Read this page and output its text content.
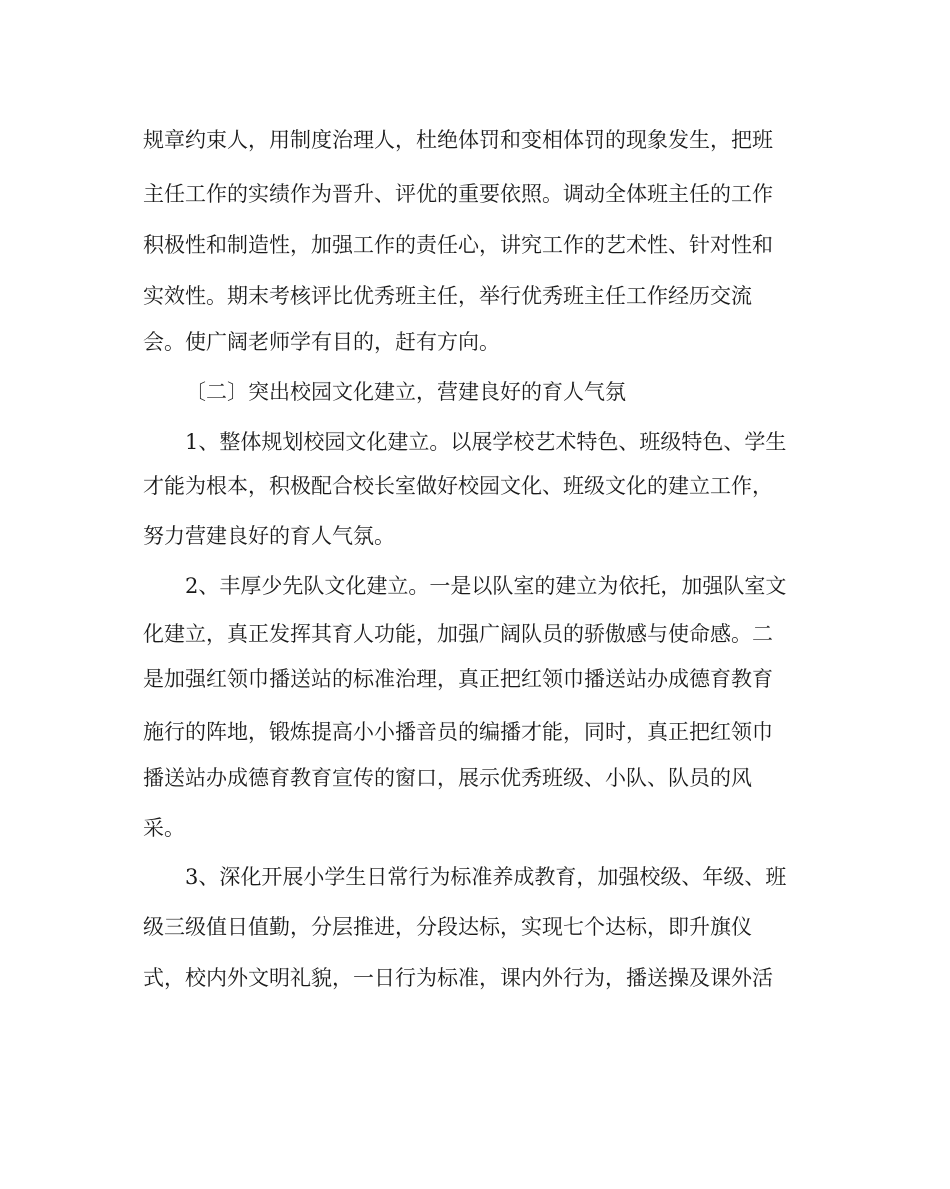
规章约束人，用制度治理人，杜绝体罚和变相体罚的现象发生，把班

主任工作的实绩作为晋升、评优的重要依照。调动全体班主任的工作

积极性和制造性，加强工作的责任心，讲究工作的艺术性、针对性和

实效性。期末考核评比优秀班主任，举行优秀班主任工作经历交流

会。使广阔老师学有目的，赶有方向。

〔二〕突出校园文化建立，营建良好的育人气氛

1、整体规划校园文化建立。以展学校艺术特色、班级特色、学生

才能为根本，积极配合校长室做好校园文化、班级文化的建立工作，

努力营建良好的育人气氛。

2、丰厚少先队文化建立。一是以队室的建立为依托，加强队室文

化建立，真正发挥其育人功能，加强广阔队员的骄傲感与使命感。二

是加强红领巾播送站的标准治理，真正把红领巾播送站办成德育教育

施行的阵地，锻炼提高小小播音员的编播才能，同时，真正把红领巾

播送站办成德育教育宣传的窗口，展示优秀班级、小队、队员的风

采。

3、深化开展小学生日常行为标准养成教育，加强校级、年级、班

级三级值日值勤，分层推进，分段达标，实现七个达标，即升旗仪

式，校内外文明礼貌，一日行为标准，课内外行为，播送操及课外活
